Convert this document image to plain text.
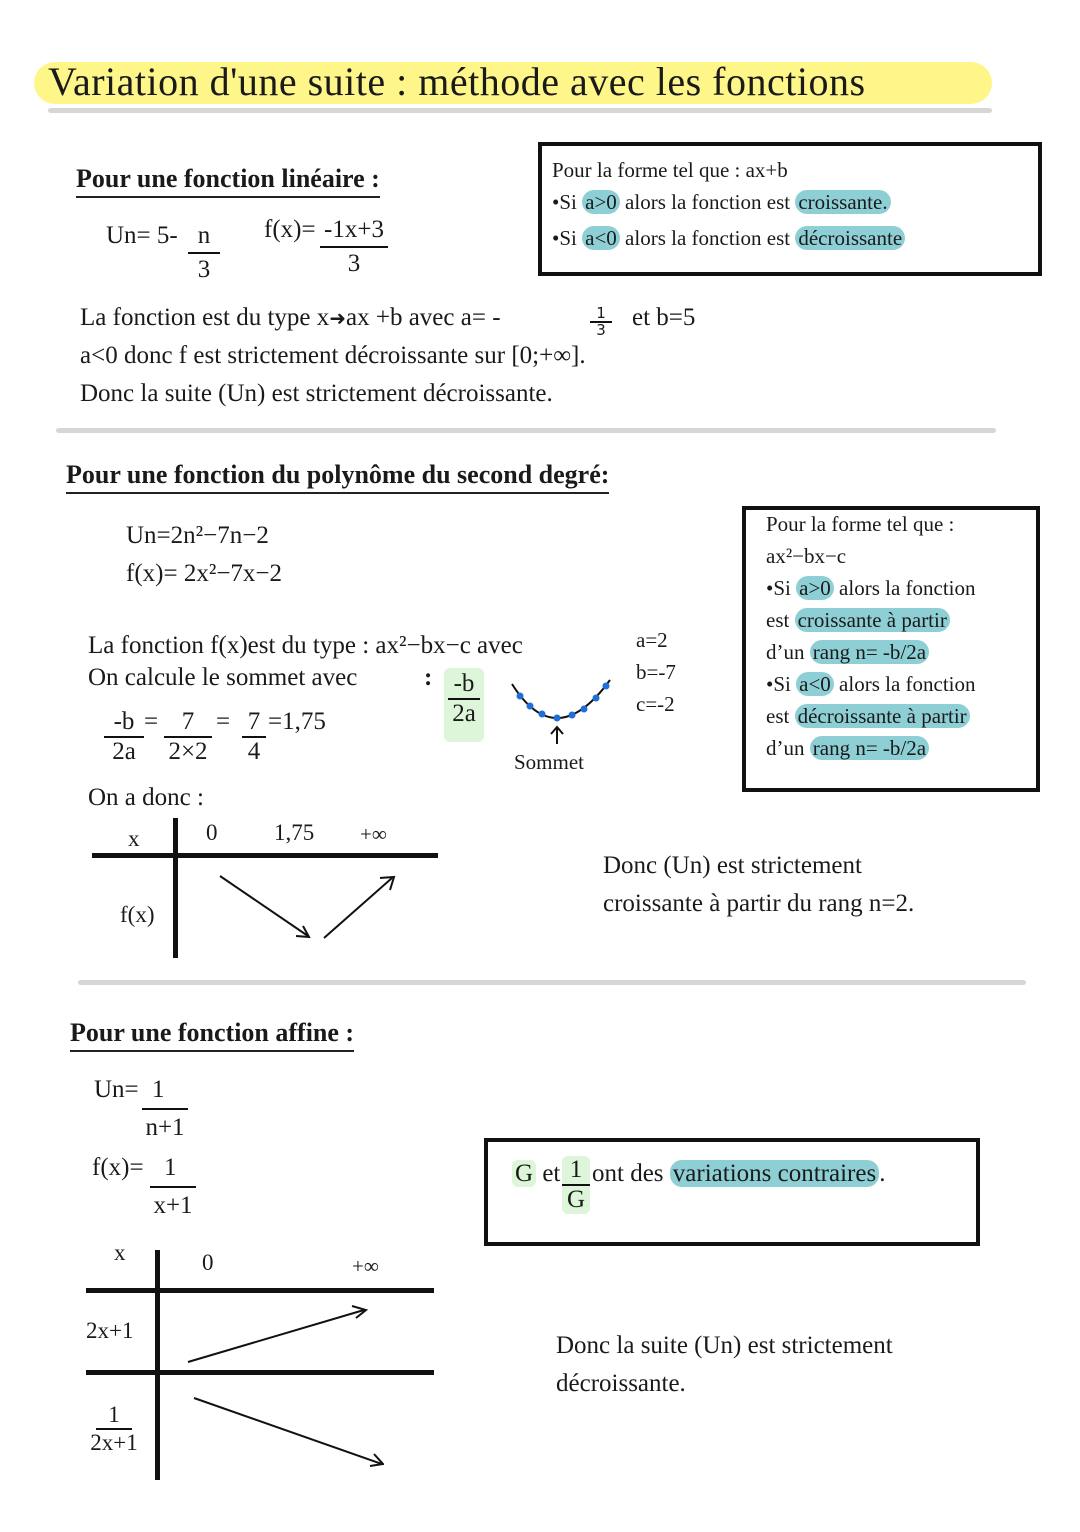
Variation d'une suite : méthode avec les fonctions
Pour une fonction linéaire :
$Un= 5- \frac{n}{3} f(x)= \frac{-1x+3}{3}$
Pour la forme tel que : ax+b
•Si a>0 alors la fonction est croissante.
•Si a<0 alors la fonction est décroissante
La fonction est du type x➜ax +b avec a= -	1
3 et b=5
a<0 donc f est strictement décroissante sur [0;+∞].
Donc la suite (Un) est strictement décroissante.
Pour une fonction du polynôme du second degré:
Un=2n²−7n−2
f(x)= 2x²−7x−2
La fonction f(x)est du type : ax²−bx−c avec
On calcule le sommet avec	: -b
2a
a=2
b=-7
c=-2
Sommet
-b
2a
= 7
2×2
= 7
4
=1,75
On a donc :
x	0 1,75 +∞
f(x)
Pour la forme tel que :
ax²−bx−c
•Si a>0 alors la fonction
est croissante à partir
d’un rang n= -b/2a
•Si a<0 alors la fonction
est décroissante à partir
d’un rang n= -b/2a
Donc (Un) est strictement
croissante à partir du rang n=2.
Pour une fonction affine :
Un= 1
n+1
f(x)= 1
x+1
x	0	+∞
2x+1
1
2x+1
G et 1
G
ont des variations contraires .
Donc la suite (Un) est strictement
décroissante.
